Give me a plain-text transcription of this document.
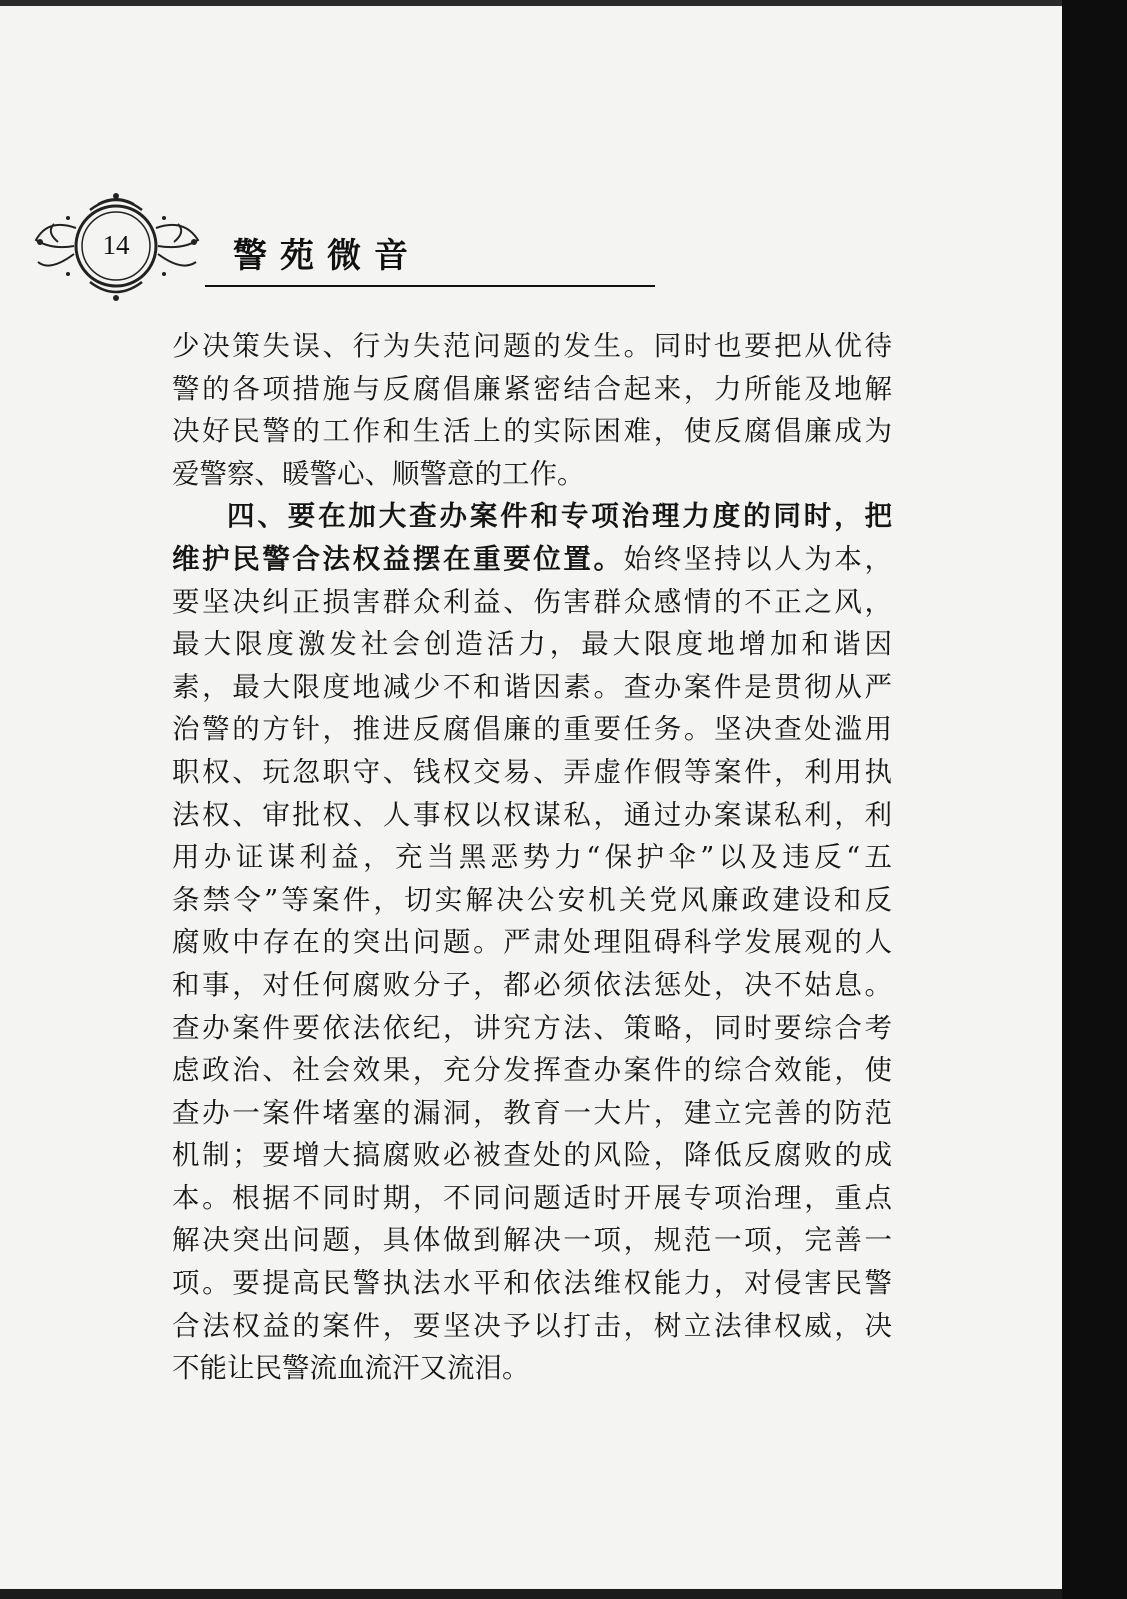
14	警苑微音
少决策失误、行为失范问题的发生。同时也要把从优待
警的各项措施与反腐倡廉紧密结合起来，力所能及地解
决好民警的工作和生活上的实际困难，使反腐倡廉成为
爱警察、暖警心、顺警意的工作。
四、要在加大查办案件和专项治理力度的同时，把
维护民警合法权益摆在重要位置。始终坚持以人为本，
要坚决纠正损害群众利益、伤害群众感情的不正之风，
最大限度激发社会创造活力，最大限度地增加和谐因
素，最大限度地减少不和谐因素。查办案件是贯彻从严
治警的方针，推进反腐倡廉的重要任务。坚决查处滥用
职权、玩忽职守、钱权交易、弄虚作假等案件，利用执
法权、审批权、人事权以权谋私，通过办案谋私利，利
用办证谋利益，充当黑恶势力“保护伞”以及违反“五
条禁令”等案件，切实解决公安机关党风廉政建设和反
腐败中存在的突出问题。严肃处理阻碍科学发展观的人
和事，对任何腐败分子，都必须依法惩处，决不姑息。
查办案件要依法依纪，讲究方法、策略，同时要综合考
虑政治、社会效果，充分发挥查办案件的综合效能，使
查办一案件堵塞的漏洞，教育一大片，建立完善的防范
机制；要增大搞腐败必被查处的风险，降低反腐败的成
本。根据不同时期，不同问题适时开展专项治理，重点
解决突出问题，具体做到解决一项，规范一项，完善一
项。要提高民警执法水平和依法维权能力，对侵害民警
合法权益的案件，要坚决予以打击，树立法律权威，决
不能让民警流血流汗又流泪。
